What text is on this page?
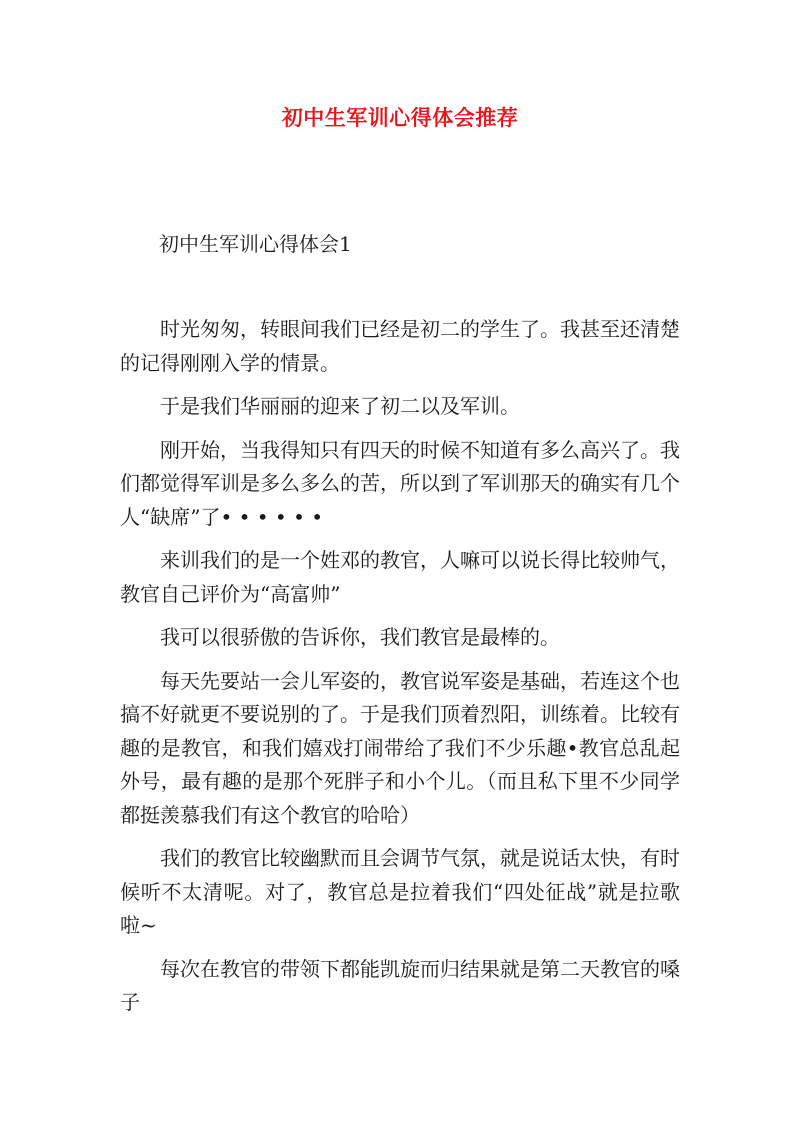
初中生军训心得体会推荐
初中生军训心得体会1

时光匆匆，转眼间我们已经是初二的学生了。我甚至还清楚的记得刚刚入学的情景。

于是我们华丽丽的迎来了初二以及军训。

刚开始，当我得知只有四天的时候不知道有多么高兴了。我们都觉得军训是多么多么的苦，所以到了军训那天的确实有几个人“缺席”了• • • • • •

来训我们的是一个姓邓的教官，人嘛可以说长得比较帅气，教官自己评价为“高富帅”

我可以很骄傲的告诉你，我们教官是最棒的。

每天先要站一会儿军姿的，教官说军姿是基础，若连这个也搞不好就更不要说别的了。于是我们顶着烈阳，训练着。比较有趣的是教官，和我们嬉戏打闹带给了我们不少乐趣•教官总乱起外号，最有趣的是那个死胖子和小个儿。（而且私下里不少同学都挺羡慕我们有这个教官的哈哈）

我们的教官比较幽默而且会调节气氛，就是说话太快，有时候听不太清呢。对了，教官总是拉着我们“四处征战”就是拉歌啦~

每次在教官的带领下都能凯旋而归结果就是第二天教官的嗓子
